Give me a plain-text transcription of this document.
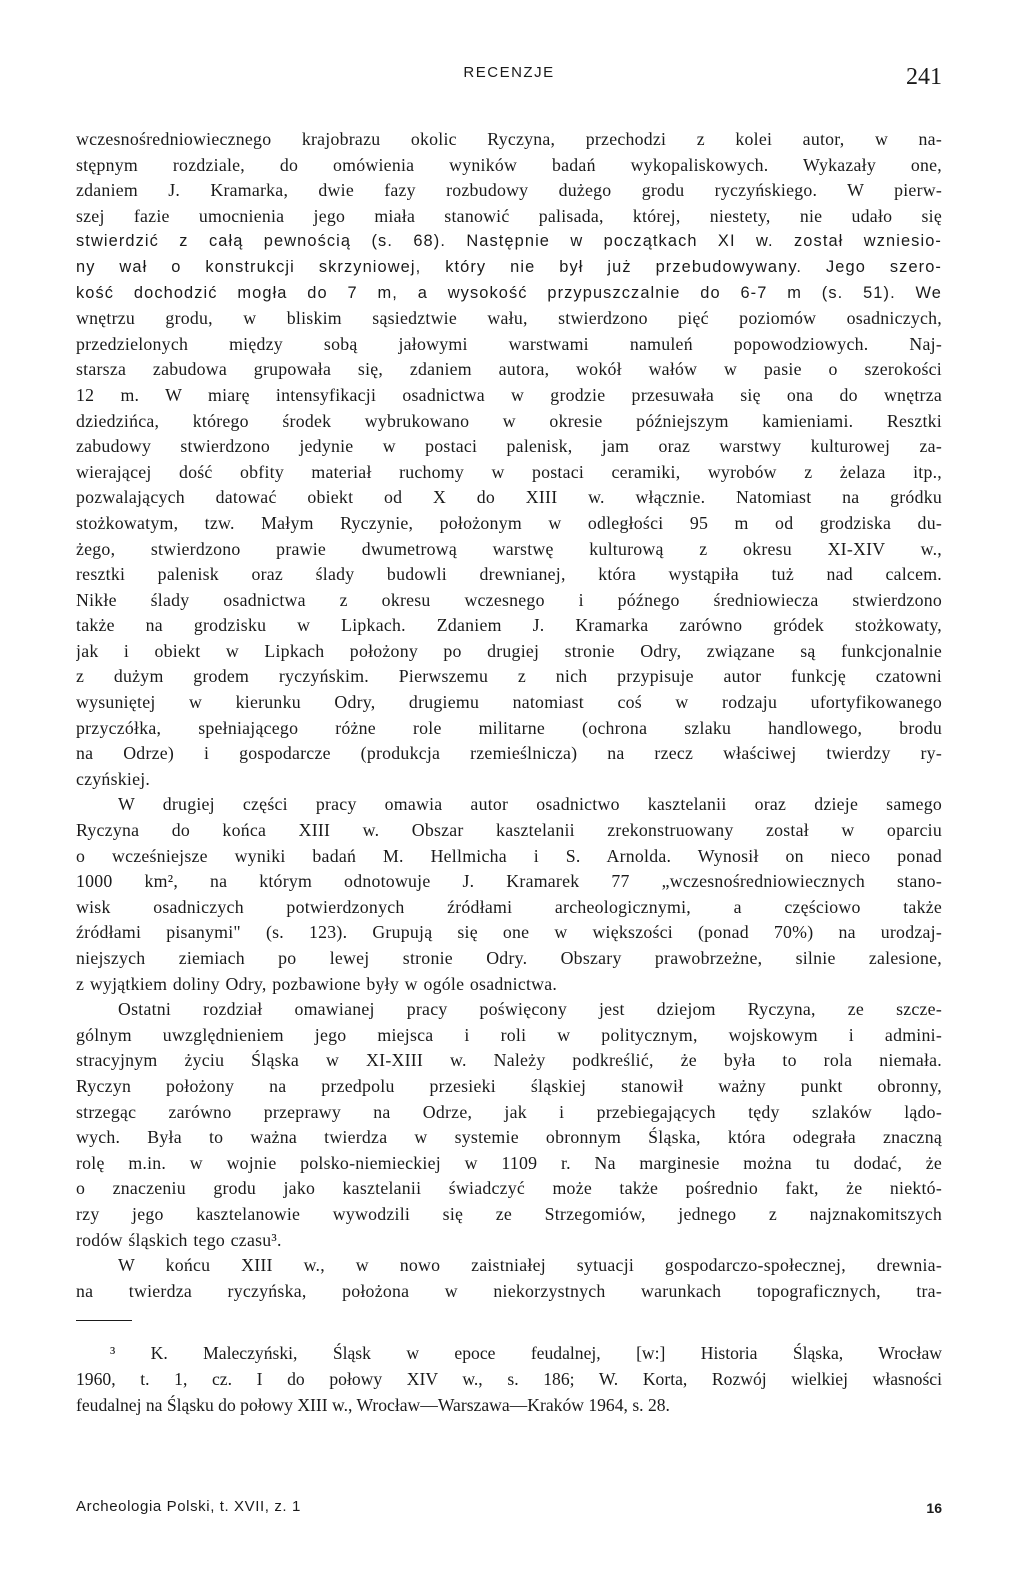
RECENZJE	241
wczesnośredniowiecznego krajobrazu okolic Ryczyna, przechodzi z kolei autor, w na-
stępnym rozdziale, do omówienia wyników badań wykopaliskowych. Wykazały one,
zdaniem J. Kramarka, dwie fazy rozbudowy dużego grodu ryczyńskiego. W pierw-
szej fazie umocnienia jego miała stanowić palisada, której, niestety, nie udało się
stwierdzić z całą pewnością (s. 68). Następnie w początkach XI w. został wzniesio-
ny wał o konstrukcji skrzyniowej, który nie był już przebudowywany. Jego szero-
kość dochodzić mogła do 7 m, a wysokość przypuszczalnie do 6-7 m (s. 51). We
wnętrzu grodu, w bliskim sąsiedztwie wału, stwierdzono pięć poziomów osadniczych,
przedzielonych między sobą jałowymi warstwami namuleń popowodziowych. Naj-
starsza zabudowa grupowała się, zdaniem autora, wokół wałów w pasie o szerokości
12 m. W miarę intensyfikacji osadnictwa w grodzie przesuwała się ona do wnętrza
dziedzińca, którego środek wybrukowano w okresie późniejszym kamieniami. Resztki
zabudowy stwierdzono jedynie w postaci palenisk, jam oraz warstwy kulturowej za-
wierającej dość obfity materiał ruchomy w postaci ceramiki, wyrobów z żelaza itp.,
pozwalających datować obiekt od X do XIII w. włącznie. Natomiast na gródku
stożkowatym, tzw. Małym Ryczynie, położonym w odległości 95 m od grodziska du-
żego, stwierdzono prawie dwumetrową warstwę kulturową z okresu XI-XIV w.,
resztki palenisk oraz ślady budowli drewnianej, która wystąpiła tuż nad calcem.
Nikłe ślady osadnictwa z okresu wczesnego i późnego średniowiecza stwierdzono
także na grodzisku w Lipkach. Zdaniem J. Kramarka zarówno gródek stożkowaty,
jak i obiekt w Lipkach położony po drugiej stronie Odry, związane są funkcjonalnie
z dużym grodem ryczyńskim. Pierwszemu z nich przypisuje autor funkcję czatowni
wysuniętej w kierunku Odry, drugiemu natomiast coś w rodzaju ufortyfikowanego
przyczółka, spełniającego różne role militarne (ochrona szlaku handlowego, brodu
na Odrze) i gospodarcze (produkcja rzemieślnicza) na rzecz właściwej twierdzy ry-
czyńskiej.
W drugiej części pracy omawia autor osadnictwo kasztelanii oraz dzieje samego
Ryczyna do końca XIII w. Obszar kasztelanii zrekonstruowany został w oparciu
o wcześniejsze wyniki badań M. Hellmicha i S. Arnolda. Wynosił on nieco ponad
1000 km², na którym odnotowuje J. Kramarek 77 „wczesnośredniowiecznych stano-
wisk osadniczych potwierdzonych źródłami archeologicznymi, a częściowo także
źródłami pisanymi" (s. 123). Grupują się one w większości (ponad 70%) na urodzaj-
niejszych ziemiach po lewej stronie Odry. Obszary prawobrzeżne, silnie zalesione,
z wyjątkiem doliny Odry, pozbawione były w ogóle osadnictwa.
Ostatni rozdział omawianej pracy poświęcony jest dziejom Ryczyna, ze szcze-
gólnym uwzględnieniem jego miejsca i roli w politycznym, wojskowym i admini-
stracyjnym życiu Śląska w XI-XIII w. Należy podkreślić, że była to rola niemała.
Ryczyn położony na przedpolu przesieki śląskiej stanowił ważny punkt obronny,
strzegąc zarówno przeprawy na Odrze, jak i przebiegających tędy szlaków lądo-
wych. Była to ważna twierdza w systemie obronnym Śląska, która odegrała znaczną
rolę m.in. w wojnie polsko-niemieckiej w 1109 r. Na marginesie można tu dodać, że
o znaczeniu grodu jako kasztelanii świadczyć może także pośrednio fakt, że niektó-
rzy jego kasztelanowie wywodzili się ze Strzegomiów, jednego z najznakomitszych
rodów śląskich tego czasu³.
W końcu XIII w., w nowo zaistniałej sytuacji gospodarczo-społecznej, drewnia-
na twierdza ryczyńska, położona w niekorzystnych warunkach topograficznych, tra-
³ K. Maleczyński, Śląsk w epoce feudalnej, [w:] Historia Śląska, Wrocław
1960, t. 1, cz. I do połowy XIV w., s. 186; W. Korta, Rozwój wielkiej własności
feudalnej na Śląsku do połowy XIII w., Wrocław—Warszawa—Kraków 1964, s. 28.
Archeologia Polski, t. XVII, z. 1	16
